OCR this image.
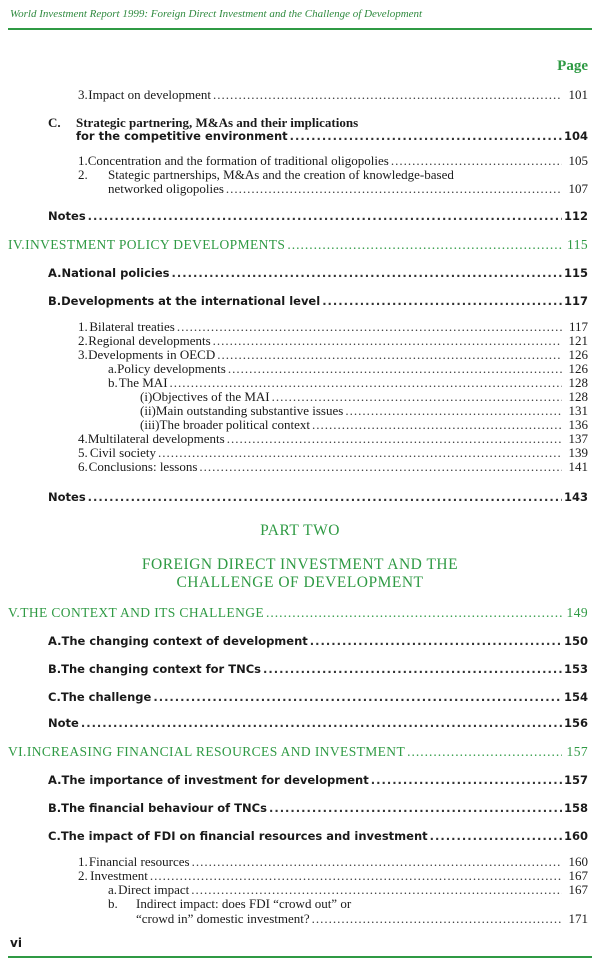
World Investment Report 1999: Foreign Direct Investment and the Challenge of Development
Page
3. Impact on development .....	101
C. Strategic partnering, M&As and their implications
for the competitive environment .....	104
1. Concentration and the formation of traditional oligopolies .....	105
2. Stategic partnerships, M&As and the creation of knowledge-based
networked oligopolies .....	107
Notes .....	112
IV. INVESTMENT POLICY DEVELOPMENTS .....	115
A. National policies .....	115
B. Developments at the international level .....	117
1. Bilateral treaties .....	117
2. Regional developments .....	121
3. Developments in OECD .....	126
a. Policy developments .....	126
b. The MAI .....	128
(i) Objectives of the MAI .....	128
(ii) Main outstanding substantive issues .....	131
(iii) The broader political context .....	136
4. Multilateral developments .....	137
5. Civil society .....	139
6. Conclusions: lessons .....	141
Notes .....	143
PART TWO
FOREIGN DIRECT INVESTMENT AND THE
CHALLENGE OF DEVELOPMENT
V. THE CONTEXT AND ITS CHALLENGE .....	149
A. The changing context of development .....	150
B. The changing context for TNCs .....	153
C. The challenge .....	154
Note .....	156
VI. INCREASING FINANCIAL RESOURCES AND INVESTMENT .....	157
A. The importance of investment for development .....	157
B. The financial behaviour of TNCs .....	158
C. The impact of FDI on financial resources and investment .....	160
1. Financial resources .....	160
2. Investment .....	167
a. Direct impact .....	167
b. Indirect impact: does FDI “crowd out” or
“crowd in” domestic investment? .....	171
vi
